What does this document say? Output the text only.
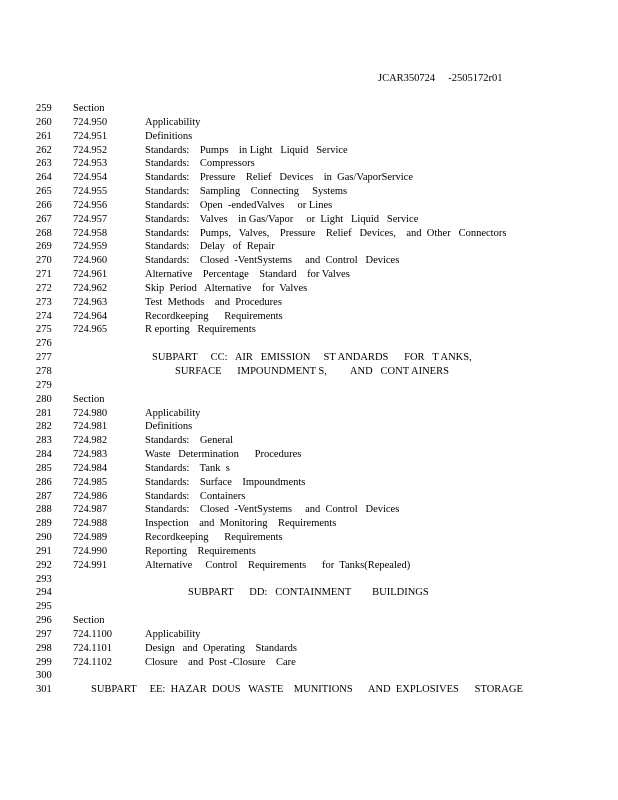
JCAR350724     -2505172r01
259 Section
260 724.950	Applicability
261 724.951	Definitions
262 724.952	Standards:    Pumps    in Light   Liquid   Service
263 724.953	Standards:    Compressors
264 724.954	Standards:    Pressure    Relief   Devices    in  Gas/VaporService
265 724.955	Standards:    Sampling    Connecting     Systems
266 724.956	Standards:    Open  -endedValves     or Lines
267 724.957	Standards:    Valves    in Gas/Vapor     or  Light   Liquid   Service
268 724.958	Standards:    Pumps,   Valves,    Pressure    Relief   Devices,    and  Other   Connectors
269 724.959	Standards:    Delay   of  Repair
270 724.960	Standards:    Closed  -VentSystems     and  Control   Devices
271 724.961	Alternative    Percentage    Standard    for Valves
272 724.962	Skip  Period   Alternative    for  Valves
273 724.963	Test  Methods    and  Procedures
274 724.964	Recordkeeping      Requirements
275 724.965	R eporting   Requirements
276
277	SUBPART     CC:   AIR   EMISSION     ST ANDARDS      FOR   T ANKS,
278	SURFACE      IMPOUNDMENT S,         AND   CONT AINERS
279
280 Section
281 724.980	Applicability
282 724.981	Definitions
283 724.982	Standards:    General
284 724.983	Waste   Determination      Procedures
285 724.984	Standards:    Tank  s
286 724.985	Standards:    Surface    Impoundments
287 724.986	Standards:    Containers
288 724.987	Standards:    Closed  -VentSystems     and  Control   Devices
289 724.988	Inspection    and  Monitoring    Requirements
290 724.989	Recordkeeping      Requirements
291 724.990	Reporting    Requirements
292 724.991	Alternative     Control    Requirements      for  Tanks(Repealed)
293
294	SUBPART      DD:   CONTAINMENT        BUILDINGS
295
296 Section
297 724.1100	Applicability
298 724.1101	Design   and  Operating    Standards
299 724.1102	Closure    and  Post -Closure    Care
300
301	SUBPART     EE:  HAZAR  DOUS   WASTE    MUNITIONS      AND  EXPLOSIVES      STORAGE
